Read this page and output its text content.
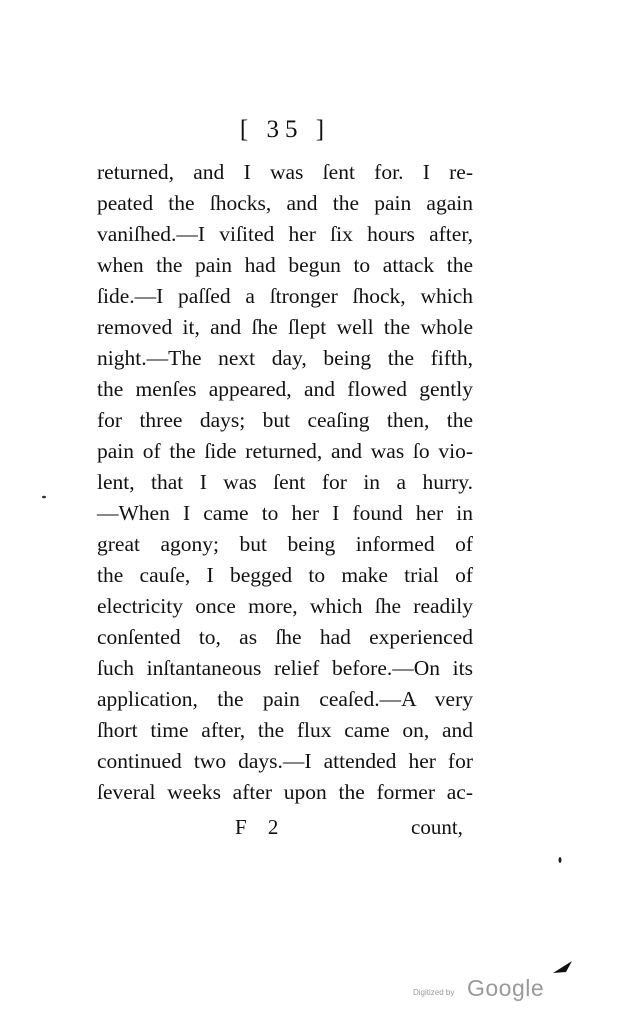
[ 35 ]
returned, and I was ſent for. I re-
peated the ſhocks, and the pain again
vaniſhed.—I viſited her ſix hours after,
when the pain had begun to attack the
ſide.—I paſſed a ſtronger ſhock, which
removed it, and ſhe ſlept well the whole
night.—The next day, being the fifth,
the menſes appeared, and flowed gently
for three days; but ceaſing then, the
pain of the ſide returned, and was ſo vio-
lent, that I was ſent for in a hurry.
—When I came to her I found her in
great agony; but being informed of
the cauſe, I begged to make trial of
electricity once more, which ſhe readily
conſented to, as ſhe had experienced
ſuch inſtantaneous relief before.—On its
application, the pain ceaſed.—A very
ſhort time after, the flux came on, and
continued two days.—I attended her for
ſeveral weeks after upon the former ac-
F 2	count,
Digitized by Google
